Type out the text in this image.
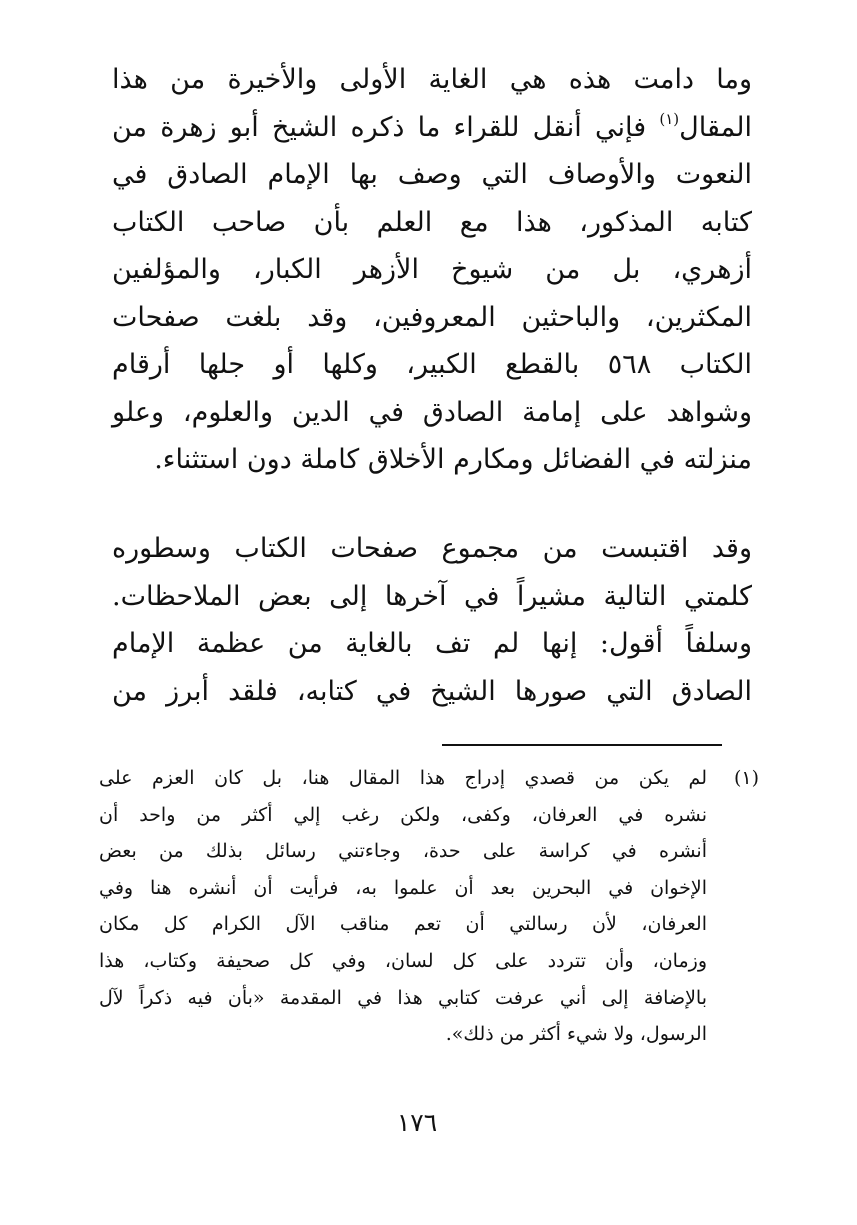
وما دامت هذه هي الغاية الأولى والأخيرة من هذا
المقال$^{(١)}$ فإني أنقل للقراء ما ذكره الشيخ أبو زهرة من
النعوت والأوصاف التي وصف بها الإمام الصادق في
كتابه المذكور، هذا مع العلم بأن صاحب الكتاب
أزهري، بل من شيوخ الأزهر الكبار، والمؤلفين
المكثرين، والباحثين المعروفين، وقد بلغت صفحات
الكتاب ٥٦٨ بالقطع الكبير، وكلها أو جلها أرقام
وشواهد على إمامة الصادق في الدين والعلوم، وعلو
منزلته في الفضائل ومكارم الأخلاق كاملة دون استثناء.
وقد اقتبست من مجموع صفحات الكتاب وسطوره
كلمتي التالية مشيراً في آخرها إلى بعض الملاحظات.
وسلفاً أقول: إنها لم تف بالغاية من عظمة الإمام
الصادق التي صورها الشيخ في كتابه، فلقد أبرز من
(١)
لم يكن من قصدي إدراج هذا المقال هنا، بل كان العزم على
نشره في العرفان، وكفى، ولكن رغب إلي أكثر من واحد أن
أنشره في كراسة على حدة، وجاءتني رسائل بذلك من بعض
الإخوان في البحرين بعد أن علموا به، فرأيت أن أنشره هنا وفي
العرفان، لأن رسالتي أن تعم مناقب الآل الكرام كل مكان
وزمان، وأن تتردد على كل لسان، وفي كل صحيفة وكتاب، هذا
بالإضافة إلى أني عرفت كتابي هذا في المقدمة «بأن فيه ذكراً لآل
الرسول، ولا شيء أكثر من ذلك».
١٧٦
